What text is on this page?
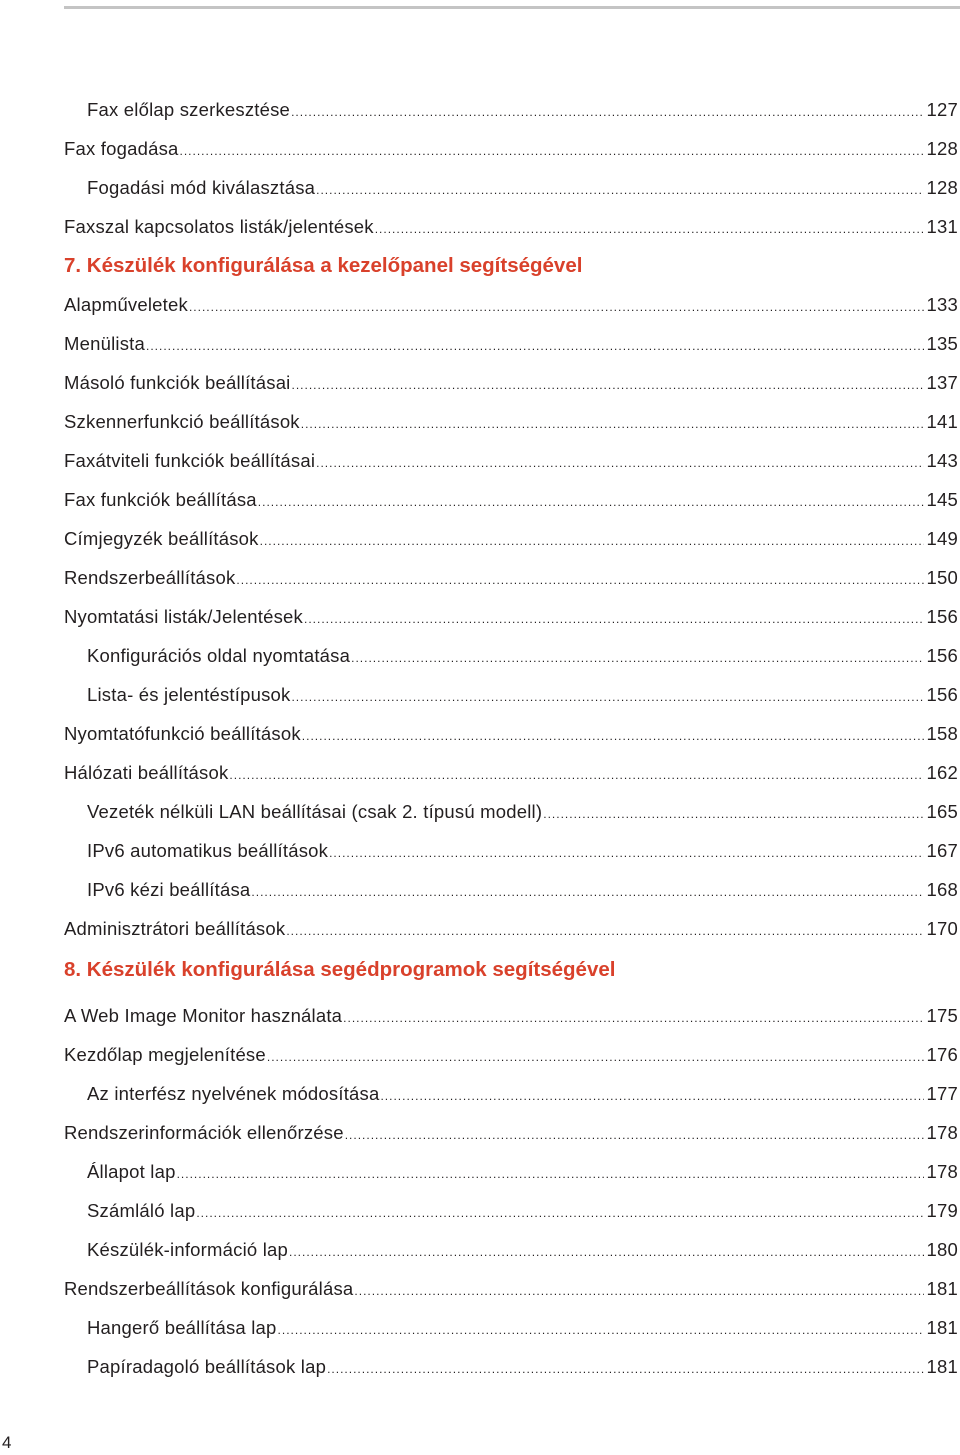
Fax előlap szerkesztése .....	127
Fax fogadása .....	128
Fogadási mód kiválasztása .....	128
Faxszal kapcsolatos listák/jelentések .....	131
7. Készülék konfigurálása a kezelőpanel segítségével
Alapműveletek .....	133
Menülista .....	135
Másoló funkciók beállításai .....	137
Szkennerfunkció beállítások .....	141
Faxátviteli funkciók beállításai .....	143
Fax funkciók beállítása .....	145
Címjegyzék beállítások .....	149
Rendszerbeállítások .....	150
Nyomtatási listák/Jelentések .....	156
Konfigurációs oldal nyomtatása .....	156
Lista- és jelentéstípusok .....	156
Nyomtatófunkció beállítások .....	158
Hálózati beállítások .....	162
Vezeték nélküli LAN beállításai (csak 2. típusú modell) .....	165
IPv6 automatikus beállítások .....	167
IPv6 kézi beállítása .....	168
Adminisztrátori beállítások .....	170
8. Készülék konfigurálása segédprogramok segítségével
A Web Image Monitor használata .....	175
Kezdőlap megjelenítése .....	176
Az interfész nyelvének módosítása .....	177
Rendszerinformációk ellenőrzése .....	178
Állapot lap .....	178
Számláló lap .....	179
Készülék-információ lap .....	180
Rendszerbeállítások konfigurálása .....	181
Hangerő beállítása lap .....	181
Papíradagoló beállítások lap .....	181
4
